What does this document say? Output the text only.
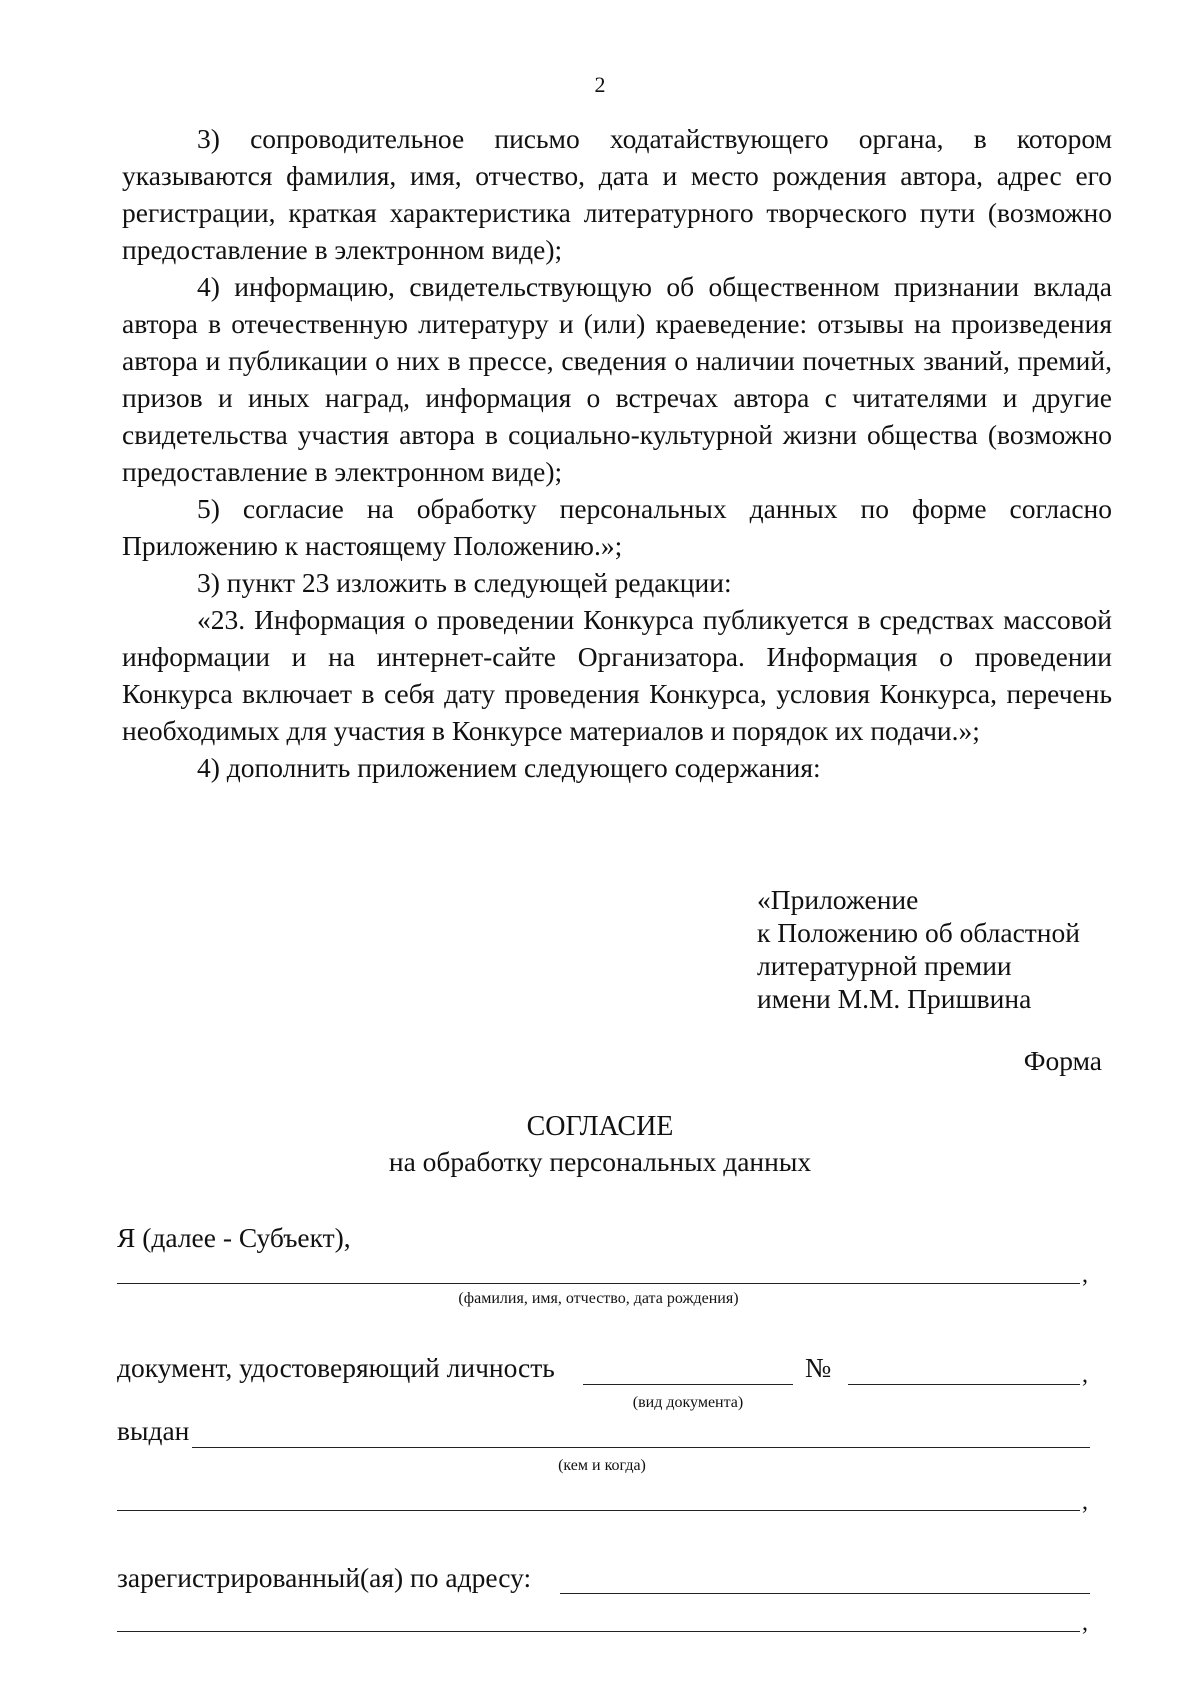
2

3) сопроводительное письмо ходатайствующего органа, в котором указываются фамилия, имя, отчество, дата и место рождения автора, адрес его регистрации, краткая характеристика литературного творческого пути (возможно предоставление в электронном виде);

4) информацию, свидетельствующую об общественном признании вклада автора в отечественную литературу и (или) краеведение: отзывы на произведения автора и публикации о них в прессе, сведения о наличии почетных званий, премий, призов и иных наград, информация о встречах автора с читателями и другие свидетельства участия автора в социально-культурной жизни общества (возможно предоставление в электронном виде);

5) согласие на обработку персональных данных по форме согласно Приложению к настоящему Положению.»;

3) пункт 23 изложить в следующей редакции:

«23. Информация о проведении Конкурса публикуется в средствах массовой информации и на интернет-сайте Организатора. Информация о проведении Конкурса включает в себя дату проведения Конкурса, условия Конкурса, перечень необходимых для участия в Конкурсе материалов и порядок их подачи.»;

4) дополнить приложением следующего содержания:

«Приложение
к Положению об областной
литературной премии
имени М.М. Пришвина
Форма
СОГЛАСИЕ
на обработку персональных данных
Я (далее - Субъект),
,
(фамилия, имя, отчество, дата рождения)
документ, удостоверяющий личность	№	,
(вид документа)
выдан
(кем и когда)
,
зарегистрированный(ая) по адресу:
,
